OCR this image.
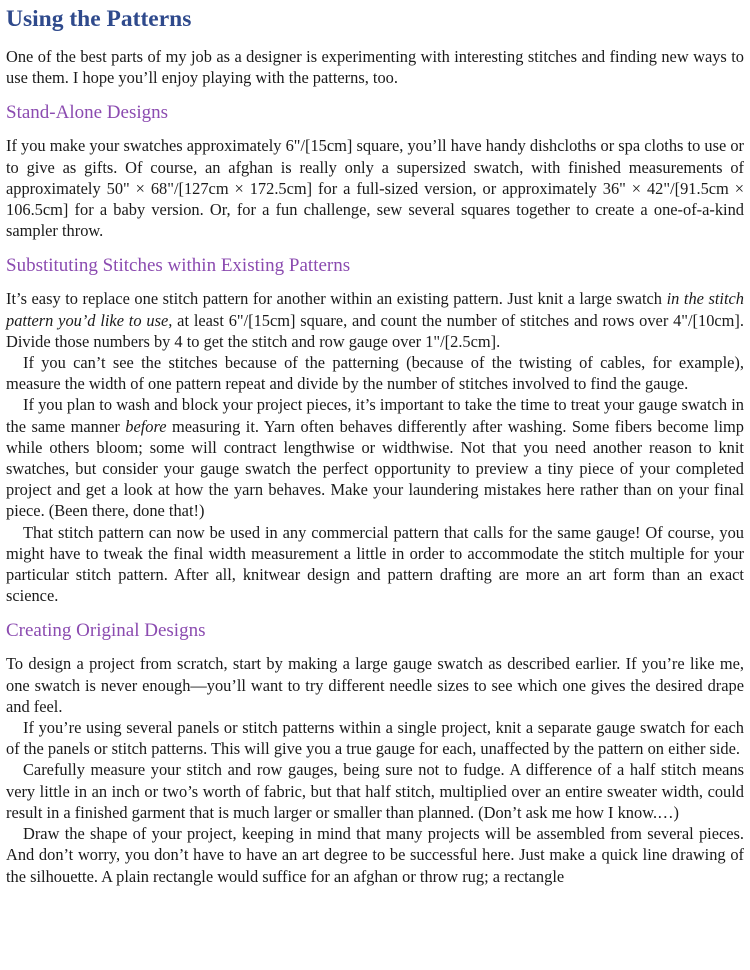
Using the Patterns

One of the best parts of my job as a designer is experimenting with interesting stitches and finding new ways to use them. I hope you’ll enjoy playing with the patterns, too.

Stand-Alone Designs

If you make your swatches approximately 6"/[15cm] square, you’ll have handy dishcloths or spa cloths to use or to give as gifts. Of course, an afghan is really only a supersized swatch, with finished measurements of approximately 50" × 68"/[127cm × 172.5cm] for a full-sized version, or approximately 36" × 42"/[91.5cm × 106.5cm] for a baby version. Or, for a fun challenge, sew several squares together to create a one-of-a-kind sampler throw.

Substituting Stitches within Existing Patterns

It’s easy to replace one stitch pattern for another within an existing pattern. Just knit a large swatch in the stitch pattern you’d like to use, at least 6"/[15cm] square, and count the number of stitches and rows over 4"/[10cm]. Divide those numbers by 4 to get the stitch and row gauge over 1"/[2.5cm].

If you can’t see the stitches because of the patterning (because of the twisting of cables, for example), measure the width of one pattern repeat and divide by the number of stitches involved to find the gauge.

If you plan to wash and block your project pieces, it’s important to take the time to treat your gauge swatch in the same manner before measuring it. Yarn often behaves differently after washing. Some fibers become limp while others bloom; some will contract lengthwise or widthwise. Not that you need another reason to knit swatches, but consider your gauge swatch the perfect opportunity to preview a tiny piece of your completed project and get a look at how the yarn behaves. Make your laundering mistakes here rather than on your final piece. (Been there, done that!)

That stitch pattern can now be used in any commercial pattern that calls for the same gauge! Of course, you might have to tweak the final width measurement a little in order to accommodate the stitch multiple for your particular stitch pattern. After all, knitwear design and pattern drafting are more an art form than an exact science.

Creating Original Designs

To design a project from scratch, start by making a large gauge swatch as described earlier. If you’re like me, one swatch is never enough—you’ll want to try different needle sizes to see which one gives the desired drape and feel.

If you’re using several panels or stitch patterns within a single project, knit a separate gauge swatch for each of the panels or stitch patterns. This will give you a true gauge for each, unaffected by the pattern on either side.

Carefully measure your stitch and row gauges, being sure not to fudge. A difference of a half stitch means very little in an inch or two’s worth of fabric, but that half stitch, multiplied over an entire sweater width, could result in a finished garment that is much larger or smaller than planned. (Don’t ask me how I know.…)

Draw the shape of your project, keeping in mind that many projects will be assembled from several pieces. And don’t worry, you don’t have to have an art degree to be successful here. Just make a quick line drawing of the silhouette. A plain rectangle would suffice for an afghan or throw rug; a rectangle
